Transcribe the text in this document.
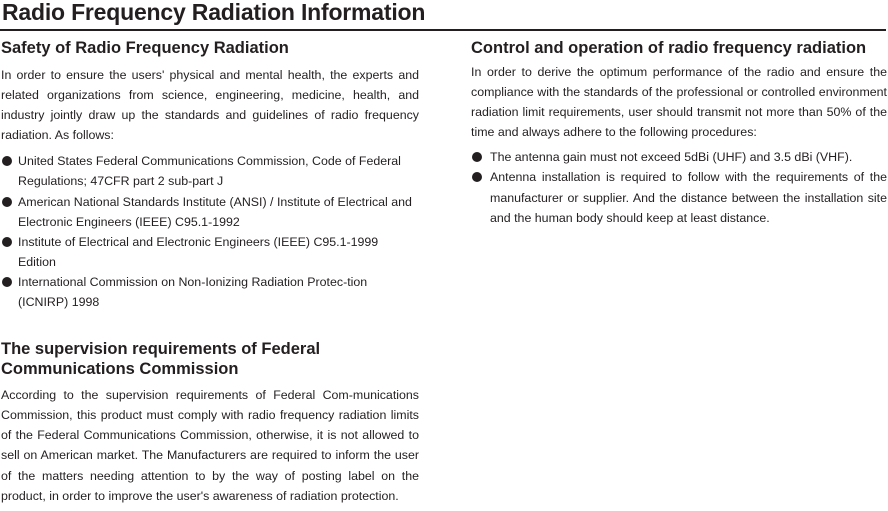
Radio Frequency Radiation Information
Safety of Radio Frequency Radiation

In order to ensure the users' physical and mental health, the experts and related organizations from science, engineering, medicine, health, and industry jointly draw up the standards and guidelines of radio frequency radiation. As follows:

United States Federal Communications Commission, Code of Federal Regulations; 47CFR part 2 sub-part J
American National Standards Institute (ANSI) / Institute of Electrical and Electronic Engineers (IEEE) C95.1-1992
Institute of Electrical and Electronic Engineers (IEEE) C95.1-1999 Edition
International Commission on Non-Ionizing Radiation Protec-tion (ICNIRP) 1998
The supervision requirements of Federal Communications Commission

According to the supervision requirements of Federal Com-munications Commission, this product must comply with radio frequency radiation limits of the Federal Communications Commission, otherwise, it is not allowed to sell on American market. The Manufacturers are required to inform the user of the matters needing attention to by the way of posting label on the product, in order to improve the user's awareness of radiation protection.

Control and operation of radio frequency radiation

In order to derive the optimum performance of the radio and ensure the compliance with the standards of the professional or controlled environment radiation limit requirements, user should transmit not more than 50% of the time and always adhere to the following procedures:

The antenna gain must not exceed 5dBi (UHF) and 3.5 dBi (VHF).
Antenna installation is required to follow with the requirements of the manufacturer or supplier. And the distance between the installation site and the human body should keep at least distance.
